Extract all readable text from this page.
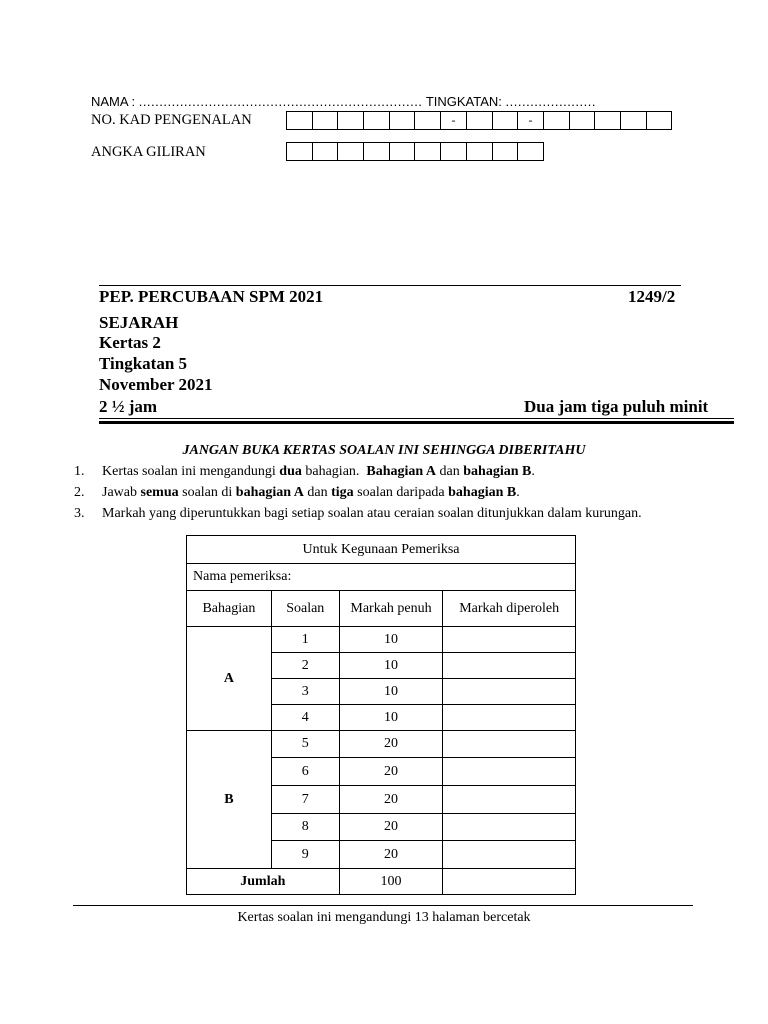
NAMA : ..................................................................... TINGKATAN: ......................
NO. KAD PENGENALAN	-	-
ANGKA GILIRAN
PEP. PERCUBAAN SPM 2021	1249/2
SEJARAH
Kertas 2
Tingkatan 5
November 2021
2 ½ jam	Dua jam tiga puluh minit
JANGAN BUKA KERTAS SOALAN INI SEHINGGA DIBERITAHU
1.	Kertas soalan ini mengandungi dua bahagian.  Bahagian A dan bahagian B.
2.	Jawab semua soalan di bahagian A dan tiga soalan daripada bahagian B.
3.	Markah yang diperuntukkan bagi setiap soalan atau ceraian soalan ditunjukkan dalam kurungan.
Untuk Kegunaan Pemeriksa			
Nama pemeriksa:			
Bahagian	Soalan	Markah penuh	Markah diperoleh
A	1	10	
	2	10	
	3	10	
	4	10	
B	5	20	
	6	20	
	7	20	
	8	20	
	9	20	
Jumlah		100	
Kertas soalan ini mengandungi 13 halaman bercetak
